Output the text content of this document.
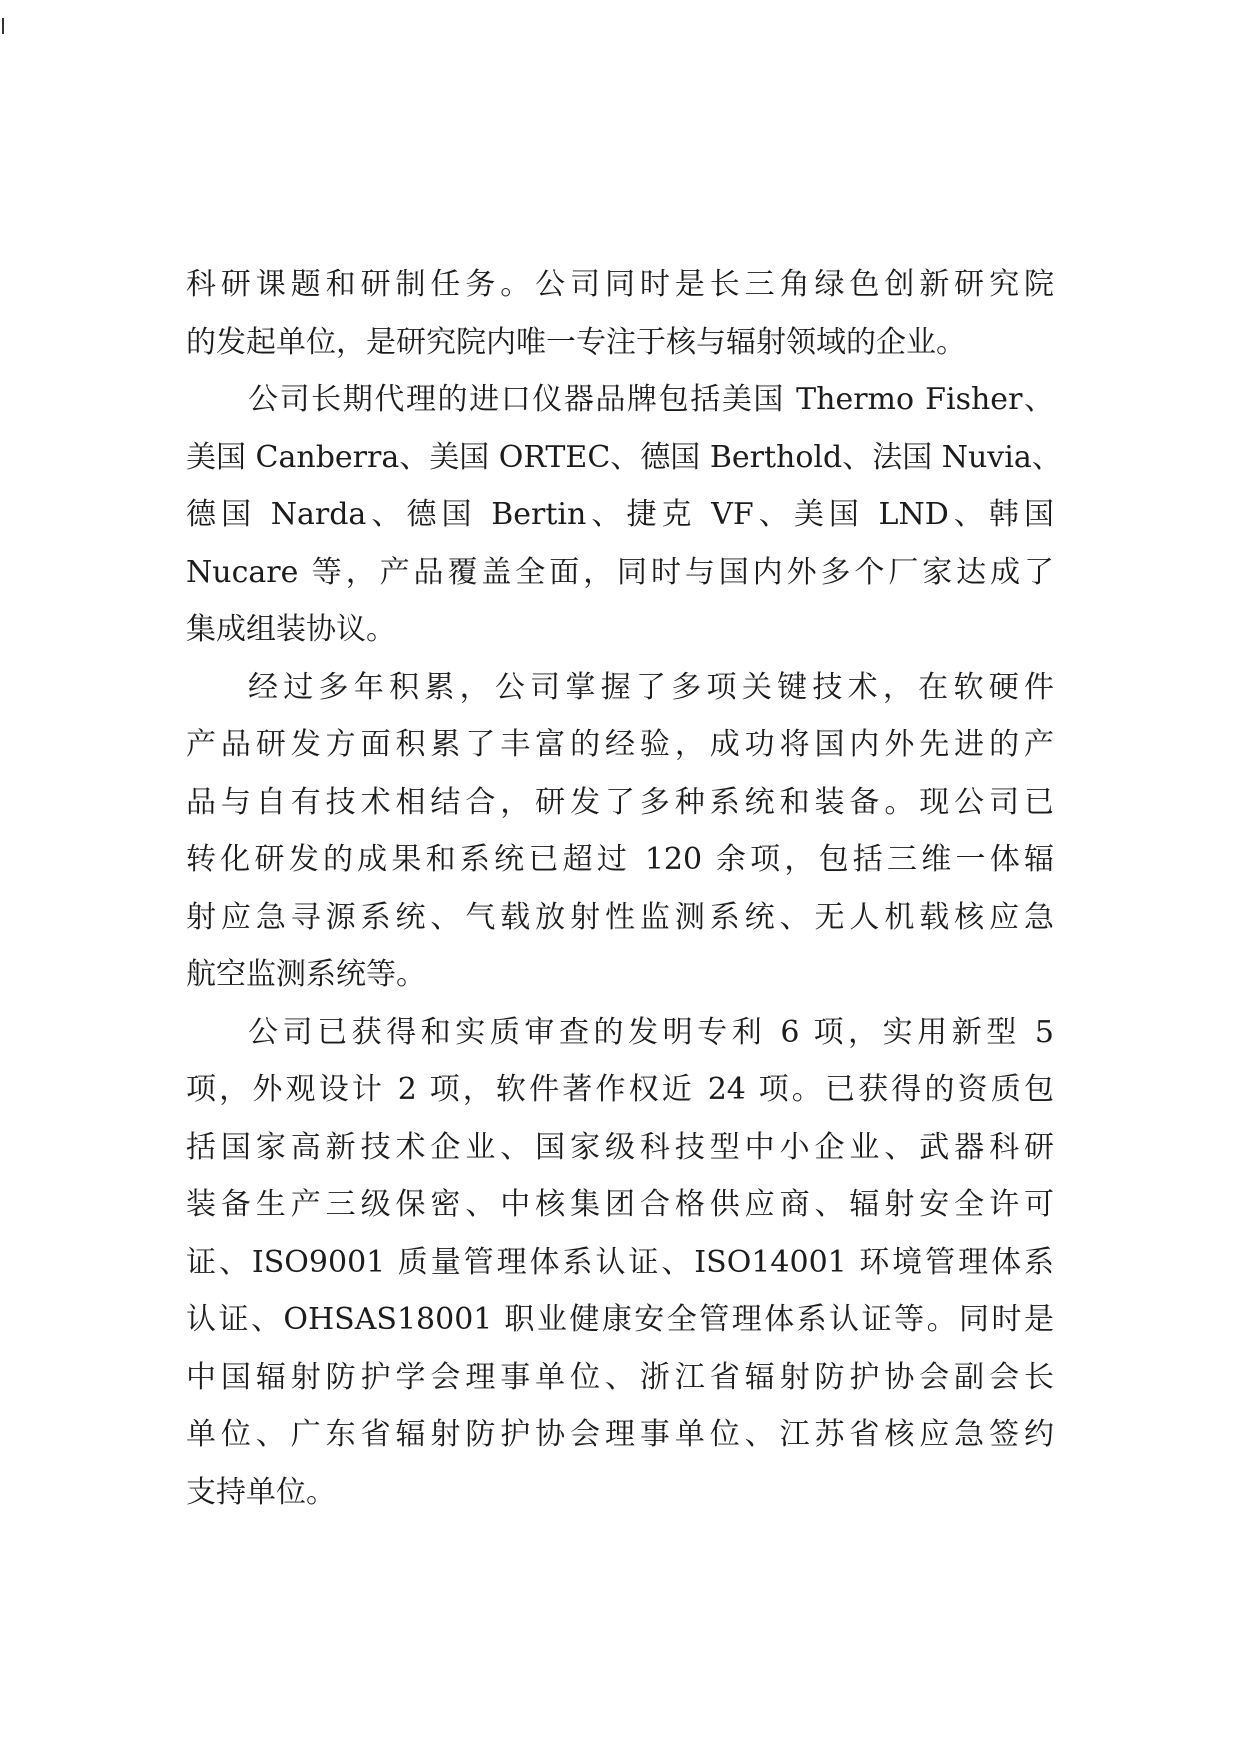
科研课题和研制任务。公司同时是长三角绿色创新研究院
的发起单位，是研究院内唯一专注于核与辐射领域的企业。
公司长期代理的进口仪器品牌包括美国 Thermo Fisher、
美国 Canberra、美国 ORTEC、德国 Berthold、法国 Nuvia、
德国 Narda、德国 Bertin、捷克 VF、美国 LND、韩国
Nucare 等，产品覆盖全面，同时与国内外多个厂家达成了
集成组装协议。
经过多年积累，公司掌握了多项关键技术，在软硬件
产品研发方面积累了丰富的经验，成功将国内外先进的产
品与自有技术相结合，研发了多种系统和装备。现公司已
转化研发的成果和系统已超过 120 余项，包括三维一体辐
射应急寻源系统、气载放射性监测系统、无人机载核应急
航空监测系统等。
公司已获得和实质审查的发明专利 6 项，实用新型 5
项，外观设计 2 项，软件著作权近 24 项。已获得的资质包
括国家高新技术企业、国家级科技型中小企业、武器科研
装备生产三级保密、中核集团合格供应商、辐射安全许可
证、ISO9001 质量管理体系认证、ISO14001 环境管理体系
认证、OHSAS18001 职业健康安全管理体系认证等。同时是
中国辐射防护学会理事单位、浙江省辐射防护协会副会长
单位、广东省辐射防护协会理事单位、江苏省核应急签约
支持单位。
